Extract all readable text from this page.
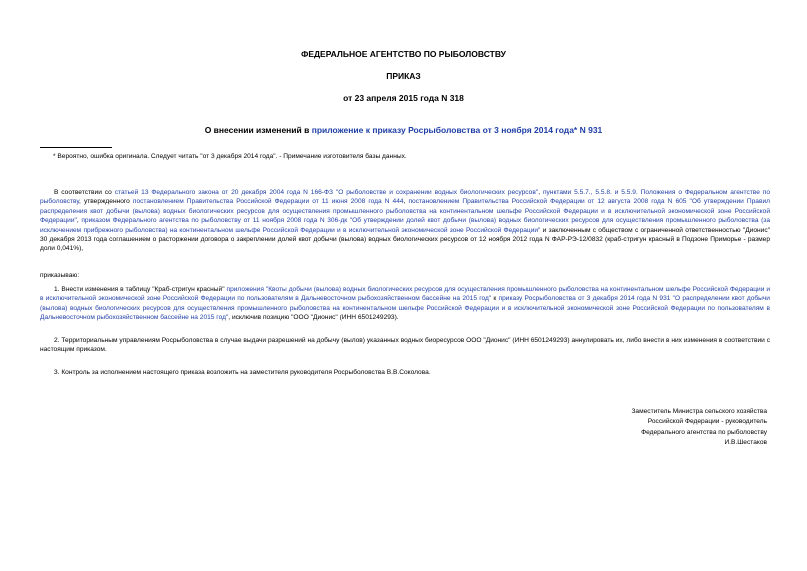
ФЕДЕРАЛЬНОЕ АГЕНТСТВО ПО РЫБОЛОВСТВУ
ПРИКАЗ
от 23 апреля 2015 года N 318
О внесении изменений в приложение к приказу Росрыболовства от 3 ноября 2014 года* N 931
* Вероятно, ошибка оригинала. Следует читать "от 3 декабря 2014 года". - Примечание изготовителя базы данных.
В соответствии со статьей 13 Федерального закона от 20 декабря 2004 года N 166-ФЗ "О рыболовстве и сохранении водных биологических ресурсов", пунктами 5.5.7., 5.5.8. и 5.5.9. Положения о Федеральном агентстве по рыболовству, утвержденного постановлением Правительства Российской Федерации от 11 июня 2008 года N 444, постановлением Правительства Российской Федерации от 12 августа 2008 года N 605 "Об утверждении Правил распределения квот добычи (вылова) водных биологических ресурсов для осуществления промышленного рыболовства на континентальном шельфе Российской Федерации и в исключительной экономической зоне Российской Федерации", приказом Федерального агентства по рыболовству от 11 ноября 2008 года N 306-дк "Об утверждении долей квот добычи (вылова) водных биологических ресурсов для осуществления промышленного рыболовства (за исключением прибрежного рыболовства) на континентальном шельфе Российской Федерации и в исключительной экономической зоне Российской Федерации" и заключенным с обществом с ограниченной ответственностью "Дионис" 30 декабря 2013 года соглашением о расторжении договора о закреплении долей квот добычи (вылова) водных биологических ресурсов от 12 ноября 2012 года N ФАР-РЭ-12/0832 (краб-стригун красный в Подзоне Приморье - размер доли 0,041%),
приказываю:
1. Внести изменения в таблицу "Краб-стригун красный" приложения "Квоты добычи (вылова) водных биологических ресурсов для осуществления промышленного рыболовства на континентальном шельфе Российской Федерации и в исключительной экономической зоне Российской Федерации по пользователям в Дальневосточном рыбохозяйственном бассейне на 2015 год" к приказу Росрыболовства от 3 декабря 2014 года N 931 "О распределении квот добычи (вылова) водных биологических ресурсов для осуществления промышленного рыболовства на континентальном шельфе Российской Федерации и в исключительной экономической зоне Российской Федерации по пользователям в Дальневосточном рыбохозяйственном бассейне на 2015 год", исключив позицию "ООО "Дионис" (ИНН 6501249293).
2. Территориальным управлениям Росрыболовства в случае выдачи разрешений на добычу (вылов) указанных водных биоресурсов ООО "Дионис" (ИНН 6501249293) аннулировать их, либо внести в них изменения в соответствии с настоящим приказом.
3. Контроль за исполнением настоящего приказа возложить на заместителя руководителя Росрыболовства В.В.Соколова.
Заместитель Министра сельского хозяйства
Российской Федерации - руководитель
Федерального агентства по рыболовству
И.В.Шестаков
